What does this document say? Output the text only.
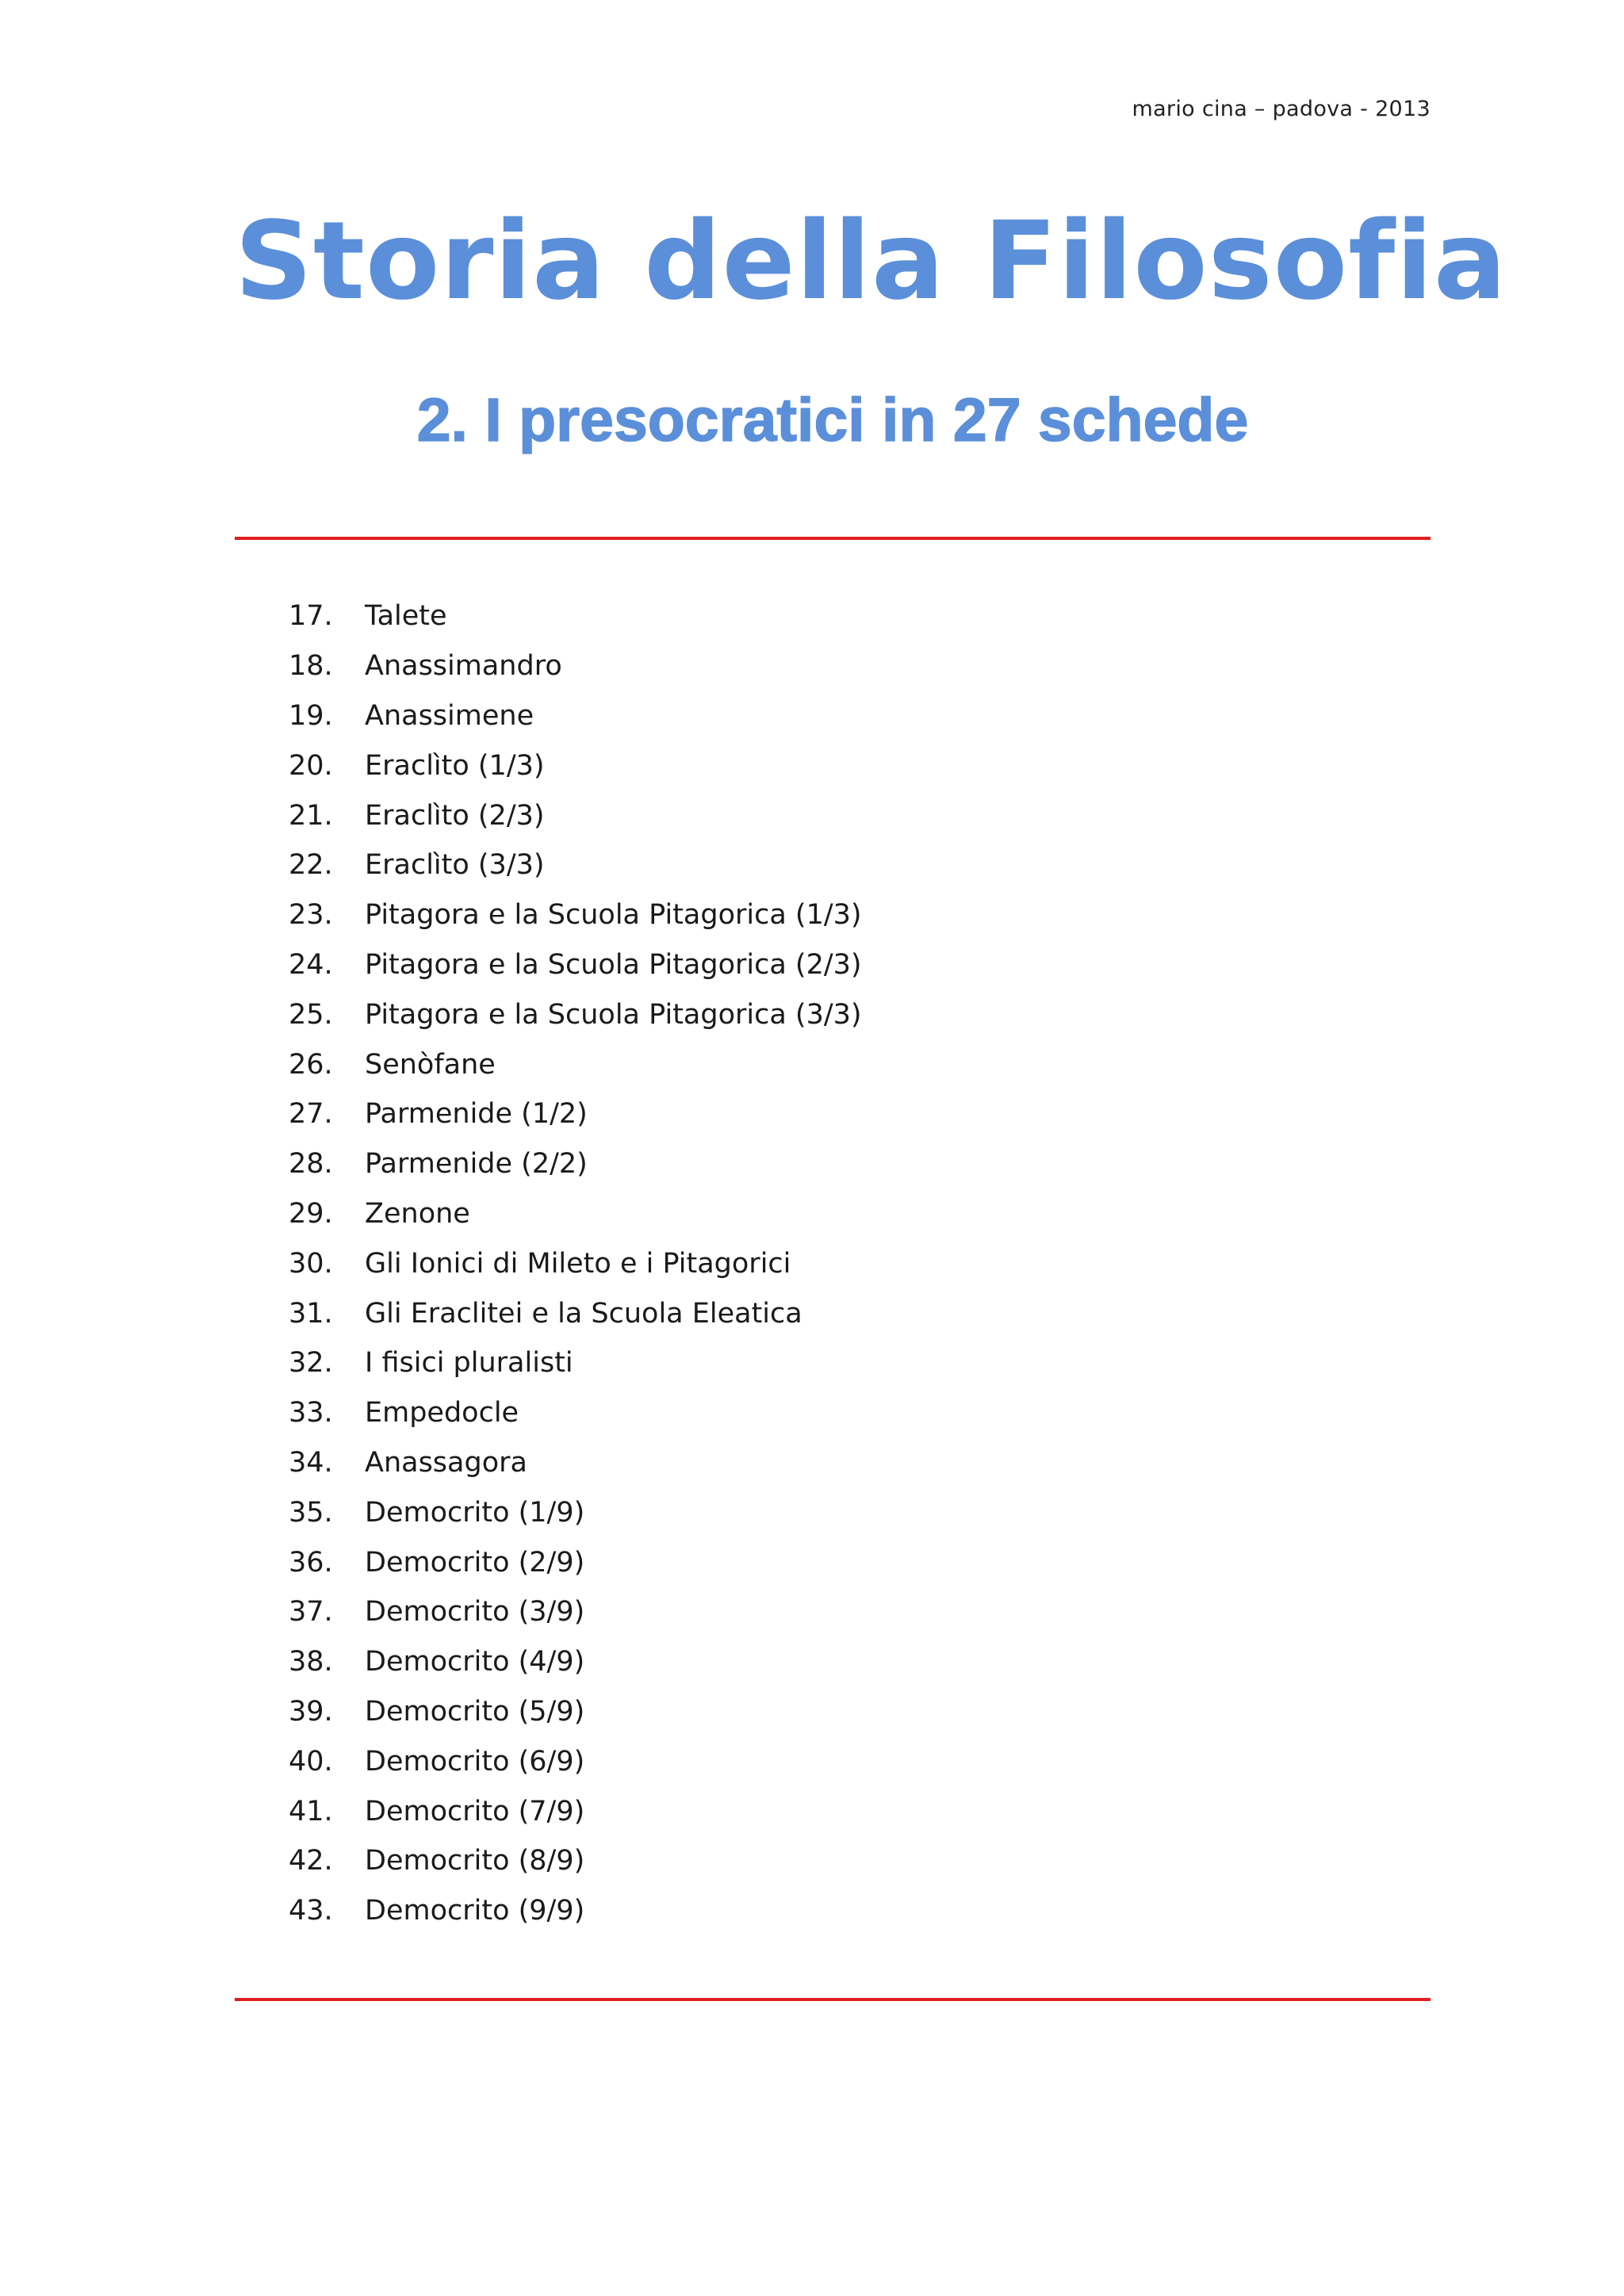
mario cina – padova - 2013
Storia della Filosofia
2. I presocratici in 27 schede
17.	Talete
18.	Anassimandro
19.	Anassimene
20.	Eraclìto (1/3)
21.	Eraclìto (2/3)
22.	Eraclìto (3/3)
23.	Pitagora e la Scuola Pitagorica (1/3)
24.	Pitagora e la Scuola Pitagorica (2/3)
25.	Pitagora e la Scuola Pitagorica (3/3)
26.	Senòfane
27.	Parmenide (1/2)
28.	Parmenide (2/2)
29.	Zenone
30.	Gli Ionici di Mileto e i Pitagorici
31.	Gli Eraclitei e la Scuola Eleatica
32.	I fisici pluralisti
33.	Empedocle
34.	Anassagora
35.	Democrito (1/9)
36.	Democrito (2/9)
37.	Democrito (3/9)
38.	Democrito (4/9)
39.	Democrito (5/9)
40.	Democrito (6/9)
41.	Democrito (7/9)
42.	Democrito (8/9)
43.	Democrito (9/9)
